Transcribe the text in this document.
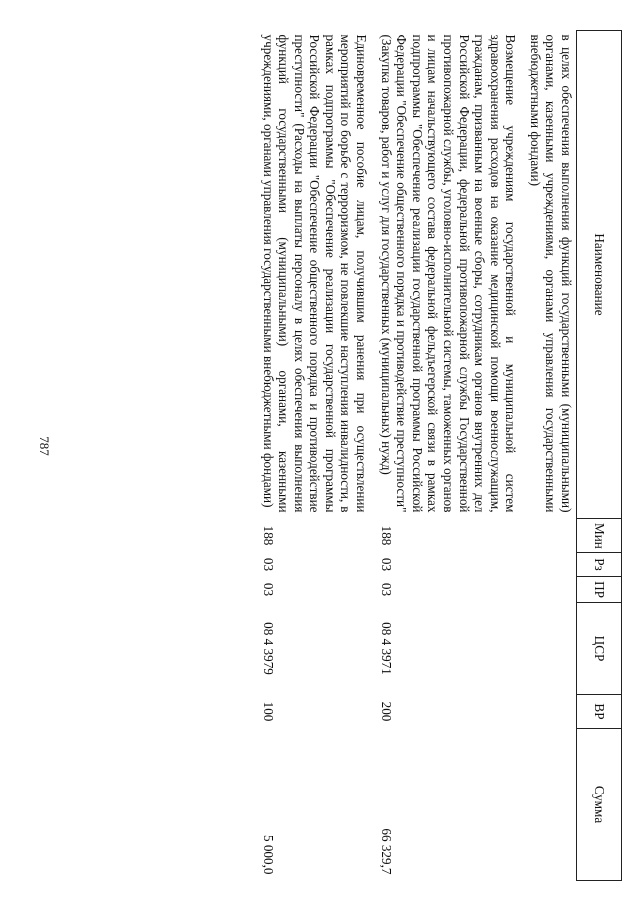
787
Наименование	Мин	Рз	ПР	ЦСР	ВР	Сумма
в целях обеспечения выполнения функций государственными (муниципальными) органами, казенными учреждениями, органами управления государственными внебюджетными фондами)						
Возмещение учреждениям государственной и муниципальной систем здравоохранения расходов на оказание медицинской помощи военнослужащим, гражданам, призванным на военные сборы, сотрудникам органов внутренних дел Российской Федерации, федеральной противопожарной службы Государственной противопожарной службы, уголовно-исполнительной системы, таможенных органов и лицам начальствующего состава федеральной фельдъегерской связи в рамках подпрограммы "Обеспечение реализации государственной программы Российской Федерации "Обеспечение общественного порядка и противодействие преступности" (Закупка товаров, работ и услуг для государственных (муниципальных) нужд)	188	03	03	08 4 3971	200	66 329,7
Единовременное пособие лицам, получившим ранения при осуществлении мероприятий по борьбе с терроризмом, не повлекшие наступления инвалидности, в рамках подпрограммы "Обеспечение реализации государственной программы Российской Федерации "Обеспечение общественного порядка и противодействие преступности" (Расходы на выплаты персоналу в целях обеспечения выполнения функций государственными (муниципальными) органами, казенными учреждениями, органами управления государственными внебюджетными фондами)	188	03	03	08 4 3979	100	5 000,0
